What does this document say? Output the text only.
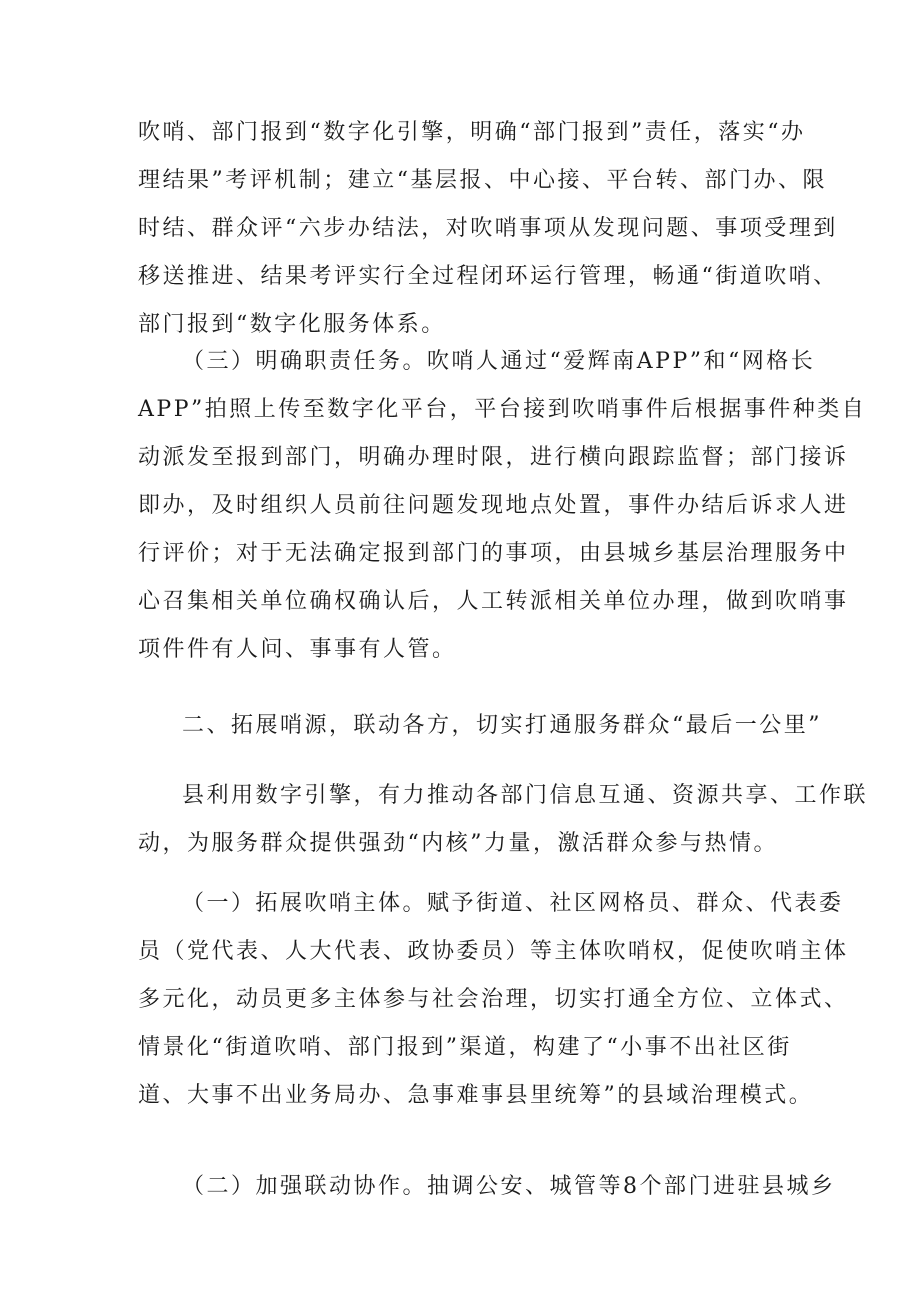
吹哨、部门报到“数字化引擎，明确“部门报到”责任，落实“办
理结果”考评机制；建立“基层报、中心接、平台转、部门办、限
时结、群众评“六步办结法，对吹哨事项从发现问题、事项受理到
移送推进、结果考评实行全过程闭环运行管理，畅通“街道吹哨、
部门报到“数字化服务体系。
（三）明确职责任务。吹哨人通过“爱辉南APP”和“网格长
APP”拍照上传至数字化平台，平台接到吹哨事件后根据事件种类自
动派发至报到部门，明确办理时限，进行横向跟踪监督；部门接诉
即办，及时组织人员前往问题发现地点处置，事件办结后诉求人进
行评价；对于无法确定报到部门的事项，由县城乡基层治理服务中
心召集相关单位确权确认后，人工转派相关单位办理，做到吹哨事
项件件有人问、事事有人管。
二、拓展哨源，联动各方，切实打通服务群众“最后一公里”
县利用数字引擎，有力推动各部门信息互通、资源共享、工作联
动，为服务群众提供强劲“内核”力量，激活群众参与热情。
（一）拓展吹哨主体。赋予街道、社区网格员、群众、代表委
员（党代表、人大代表、政协委员）等主体吹哨权，促使吹哨主体
多元化，动员更多主体参与社会治理，切实打通全方位、立体式、
情景化“街道吹哨、部门报到”渠道，构建了“小事不出社区街
道、大事不出业务局办、急事难事县里统筹”的县域治理模式。
（二）加强联动协作。抽调公安、城管等8个部门进驻县城乡
